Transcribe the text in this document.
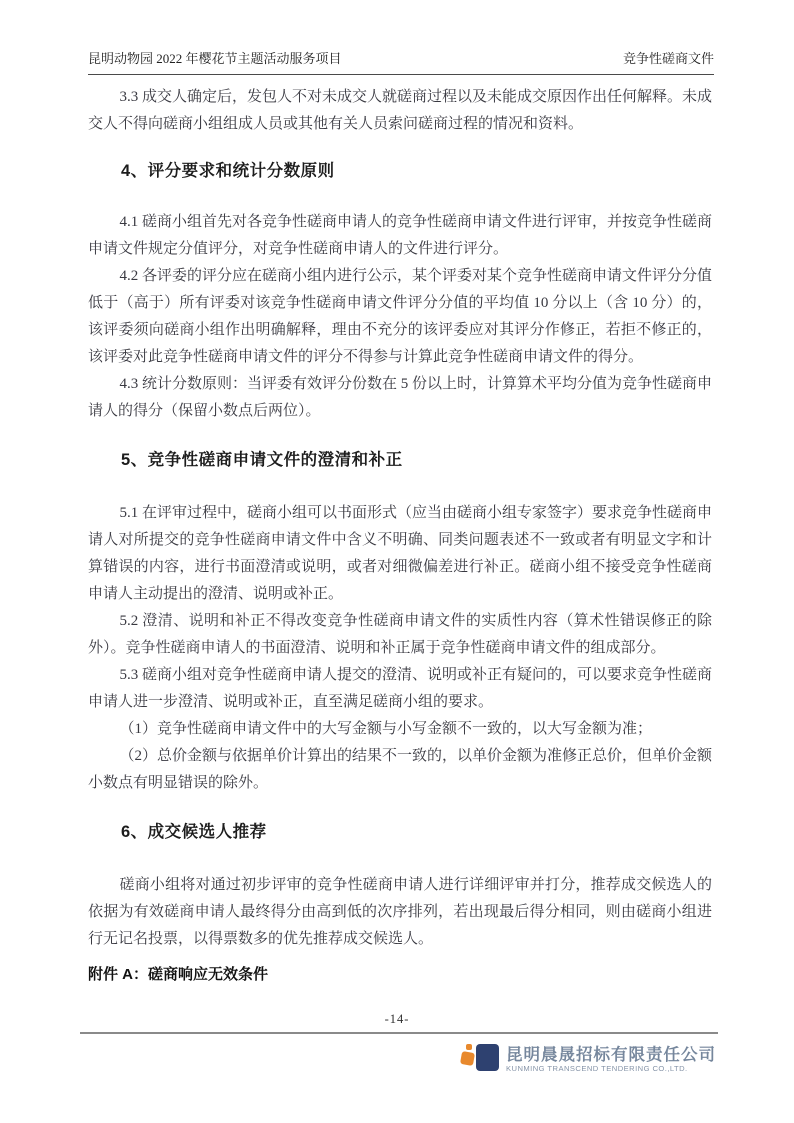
昆明动物园 2022 年樱花节主题活动服务项目	竞争性磋商文件

3.3 成交人确定后，发包人不对未成交人就磋商过程以及未能成交原因作出任何解释。未成交人不得向磋商小组组成人员或其他有关人员索问磋商过程的情况和资料。

4、评分要求和统计分数原则

4.1 磋商小组首先对各竞争性磋商申请人的竞争性磋商申请文件进行评审，并按竞争性磋商申请文件规定分值评分，对竞争性磋商申请人的文件进行评分。

4.2 各评委的评分应在磋商小组内进行公示，某个评委对某个竞争性磋商申请文件评分分值低于（高于）所有评委对该竞争性磋商申请文件评分分值的平均值 10 分以上（含 10 分）的，该评委须向磋商小组作出明确解释，理由不充分的该评委应对其评分作修正，若拒不修正的，该评委对此竞争性磋商申请文件的评分不得参与计算此竞争性磋商申请文件的得分。

4.3 统计分数原则：当评委有效评分份数在 5 份以上时，计算算术平均分值为竞争性磋商申请人的得分（保留小数点后两位）。

5、竞争性磋商申请文件的澄清和补正

5.1 在评审过程中，磋商小组可以书面形式（应当由磋商小组专家签字）要求竞争性磋商申请人对所提交的竞争性磋商申请文件中含义不明确、同类问题表述不一致或者有明显文字和计算错误的内容，进行书面澄清或说明，或者对细微偏差进行补正。磋商小组不接受竞争性磋商申请人主动提出的澄清、说明或补正。

5.2 澄清、说明和补正不得改变竞争性磋商申请文件的实质性内容（算术性错误修正的除外）。竞争性磋商申请人的书面澄清、说明和补正属于竞争性磋商申请文件的组成部分。

5.3 磋商小组对竞争性磋商申请人提交的澄清、说明或补正有疑问的，可以要求竞争性磋商申请人进一步澄清、说明或补正，直至满足磋商小组的要求。

（1）竞争性磋商申请文件中的大写金额与小写金额不一致的，以大写金额为准；

（2）总价金额与依据单价计算出的结果不一致的，以单价金额为准修正总价，但单价金额小数点有明显错误的除外。

6、成交候选人推荐

磋商小组将对通过初步评审的竞争性磋商申请人进行详细评审并打分，推荐成交候选人的依据为有效磋商申请人最终得分由高到低的次序排列，若出现最后得分相同，则由磋商小组进行无记名投票，以得票数多的优先推荐成交候选人。

附件 A：磋商响应无效条件

-14-
昆明晨晟招标有限责任公司
KUNMING TRANSCEND TENDERING CO.,LTD.
